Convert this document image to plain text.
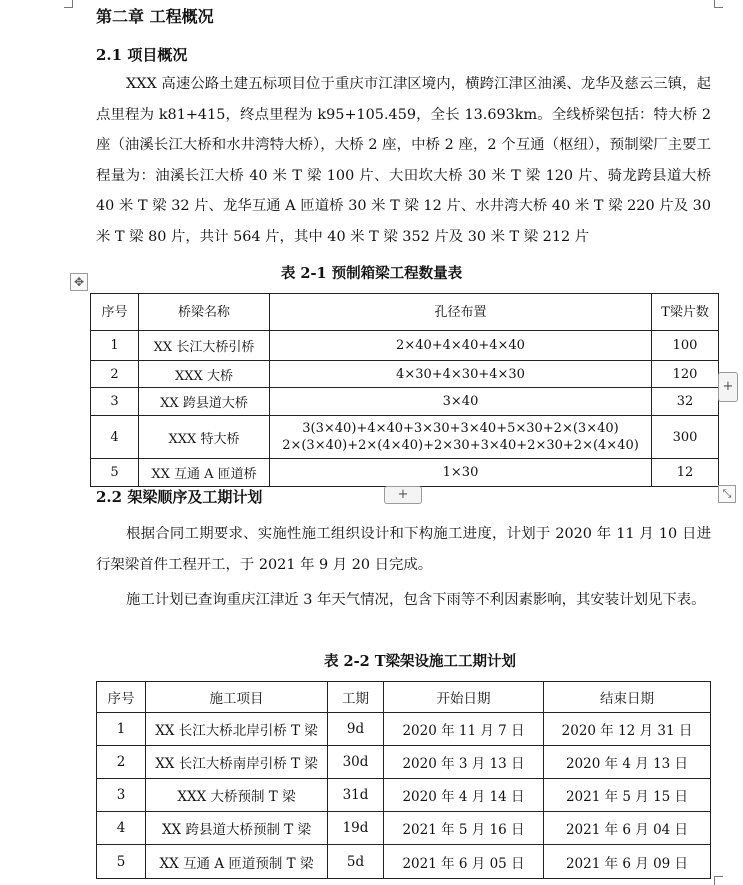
第二章 工程概况
2.1 项目概况
XXX 高速公路土建五标项目位于重庆市江津区境内，横跨江津区油溪、龙华及慈云三镇，起点里程为 k81+415，终点里程为 k95+105.459，全长 13.693km。全线桥梁包括：特大桥 2 座（油溪长江大桥和水井湾特大桥），大桥 2 座，中桥 2 座，2 个互通（枢纽），预制梁厂主要工程量为：油溪长江大桥 40 米 T 梁 100 片、大田坎大桥 30 米 T 梁 120 片、骑龙跨县道大桥 40 米 T 梁 32 片、龙华互通 A 匝道桥 30 米 T 梁 12 片、水井湾大桥 40 米 T 梁 220 片及 30 米 T 梁 80 片，共计 564 片，其中 40 米 T 梁 352 片及 30 米 T 梁 212 片
表 2-1 预制箱梁工程数量表
✥
序号	桥梁名称	孔径布置	T梁片数
1	XX 长江大桥引桥	2×40+4×40+4×40	100
2	XXX 大桥	4×30+4×30+4×30	120
3	XX 跨县道大桥	3×40	32
4	XXX 特大桥	3(3×40)+4×40+3×30+3×40+5×30+2×(3×40)
2×(3×40)+2×(4×40)+2×30+3×40+2×30+2×(4×40)	300
5	XX 互通 A 匝道桥	1×30	12
+
+	⤡
2.2 架梁顺序及工期计划
根据合同工期要求、实施性施工组织设计和下构施工进度，计划于 2020 年 11 月 10 日进行架梁首件工程开工，于 2021 年 9 月 20 日完成。
施工计划已查询重庆江津近 3 年天气情况，包含下雨等不利因素影响，其安装计划见下表。
表 2-2 T梁架设施工工期计划
序号	施工项目	工期	开始日期	结束日期
1	XX 长江大桥北岸引桥 T 梁	9d	2020 年 11 月 7 日	2020 年 12 月 31 日
2	XX 长江大桥南岸引桥 T 梁	30d	2020 年 3 月 13 日	2020 年 4 月 13 日
3	XXX 大桥预制 T 梁	31d	2020 年 4 月 14 日	2021 年 5 月 15 日
4	XX 跨县道大桥预制 T 梁	19d	2021 年 5 月 16 日	2021 年 6 月 04 日
5	XX 互通 A 匝道预制 T 梁	5d	2021 年 6 月 05 日	2021 年 6 月 09 日
